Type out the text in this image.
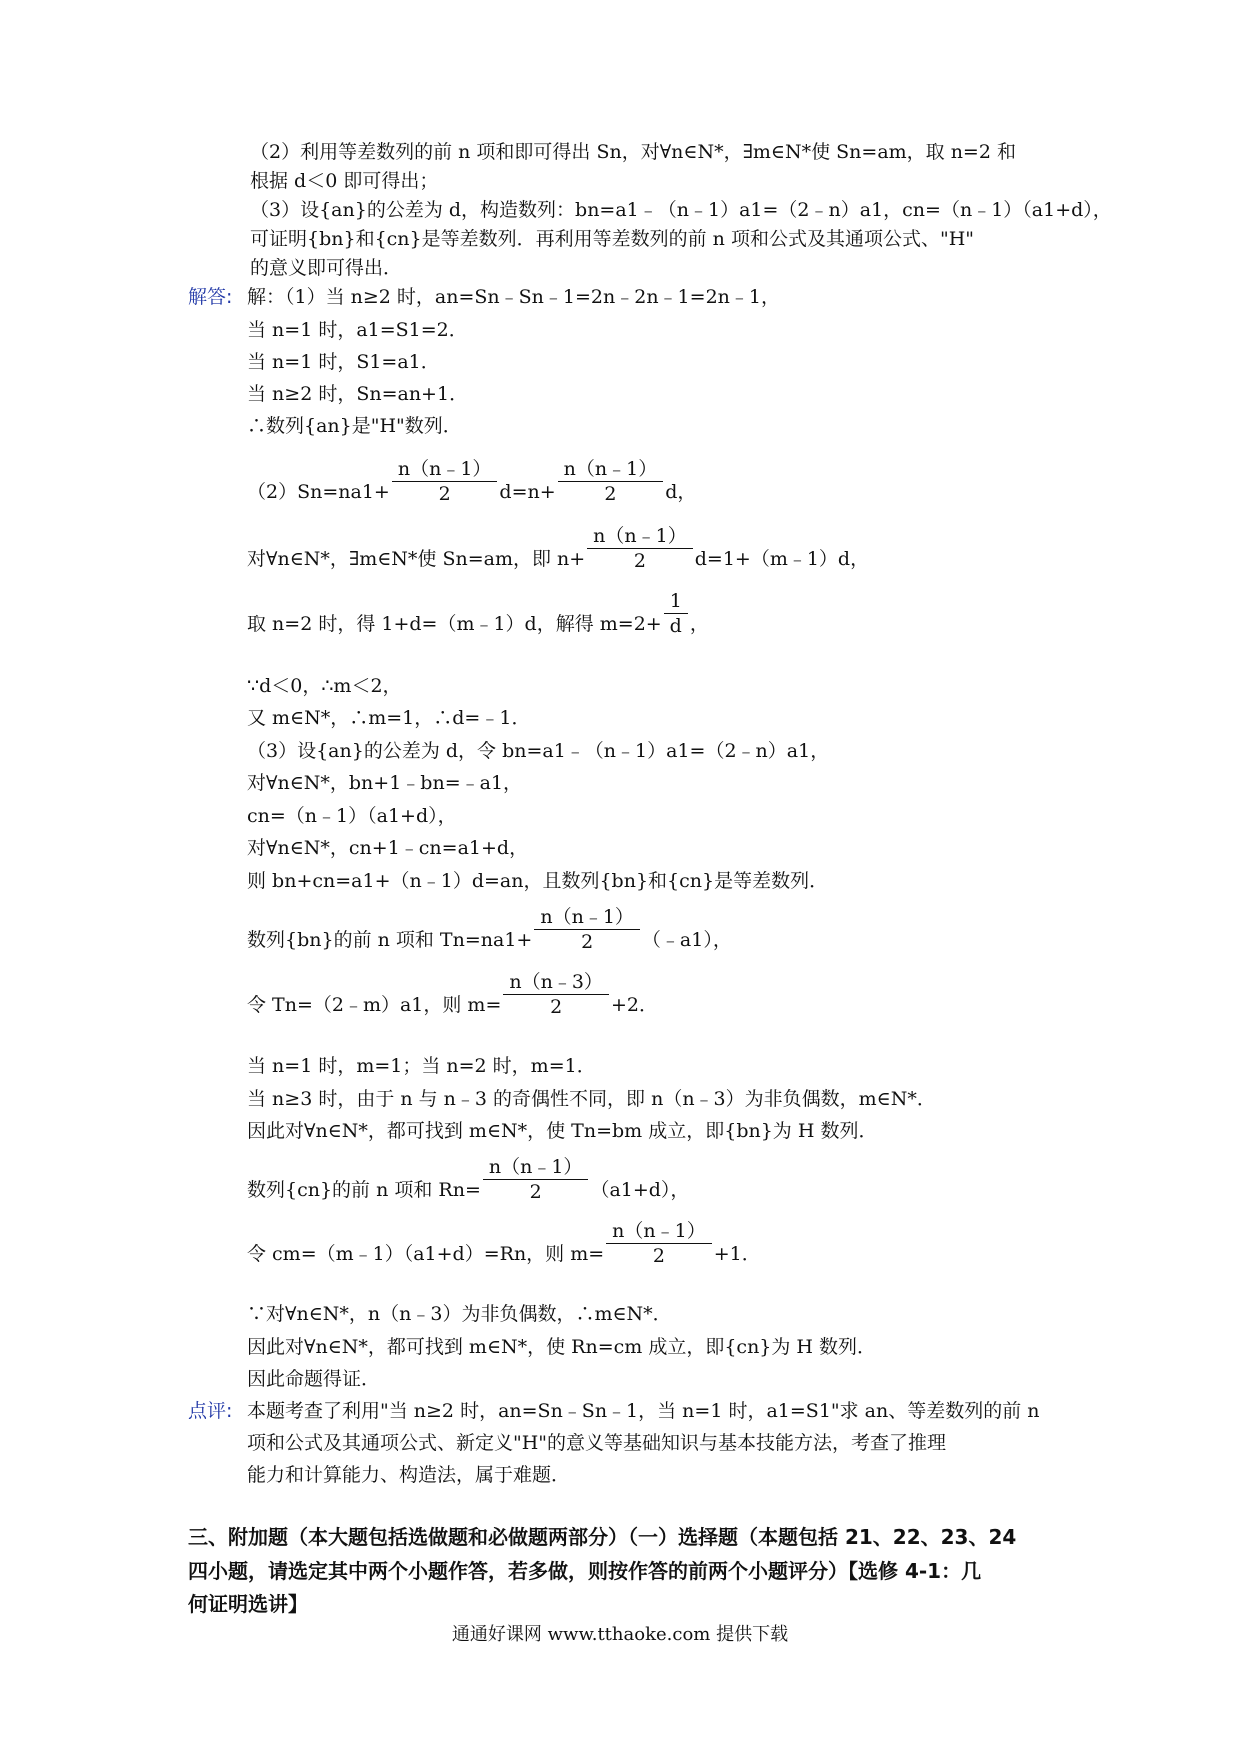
（2）利用等差数列的前 n 项和即可得出 Sn，对∀n∈N*，∃m∈N*使 Sn=am，取 n=2 和
根据 d＜0 即可得出；
（3）设{an}的公差为 d，构造数列：bn=a1﹣（n﹣1）a1=（2﹣n）a1，cn=（n﹣1）（a1+d），
可证明{bn}和{cn}是等差数列．再利用等差数列的前 n 项和公式及其通项公式、"H"
的意义即可得出．
解答: 解：（1）当 n≥2 时，an=Sn﹣Sn﹣1=2n﹣2n﹣1=2n﹣1，
当 n=1 时，a1=S1=2．
当 n=1 时，S1=a1．
当 n≥2 时，Sn=an+1．
∴数列{an}是"H"数列．
$(2)Sn=na1+ \frac{n(n﹣1)}{2} d=n+ \frac{n(n﹣1)}{2}$ d，
对∀n∈N*，∃m∈N*使 Sn=am，即 $n+ \frac{n(n﹣1)}{2}$ d=1+（m﹣1）d，
取 n=2 时，得 1+d=（m﹣1）d，解得 $m=2+ \frac{1}{d}$ ，
∵d＜0，∴m＜2，
又 m∈N*，∴m=1，∴d=﹣1．
（3）设{an}的公差为 d，令 bn=a1﹣（n﹣1）a1=（2﹣n）a1，
对∀n∈N*，bn+1﹣bn=﹣a1，
cn=（n﹣1）（a1+d），
对∀n∈N*，cn+1﹣cn=a1+d，
则 bn+cn=a1+（n﹣1）d=an，且数列{bn}和{cn}是等差数列．
数列{bn}的前 n 项和 $Tn=na1+ \frac{n(n﹣1)}{2}$ （﹣a1），
令 Tn=（2﹣m）a1，则 $m= \frac{n(n﹣3)}{2} +2$．
当 n=1 时，m=1；当 n=2 时，m=1．
当 n≥3 时，由于 n 与 n﹣3 的奇偶性不同，即 n（n﹣3）为非负偶数，m∈N*．
因此对∀n∈N*，都可找到 m∈N*，使 Tn=bm 成立，即{bn}为 H 数列．
数列{cn}的前 n 项和 $Rn= \frac{n(n﹣1)}{2} (a1+d)$，
令 cm=（m﹣1）（a1+d）=Rn，则 $m= \frac{n(n﹣1)}{2} +1$．
∵对∀n∈N*，n（n﹣3）为非负偶数，∴m∈N*．
因此对∀n∈N*，都可找到 m∈N*，使 Rn=cm 成立，即{cn}为 H 数列．
因此命题得证．
点评: 本题考查了利用"当 n≥2 时，an=Sn﹣Sn﹣1，当 n=1 时，a1=S1"求 an、等差数列的前 n
项和公式及其通项公式、新定义"H"的意义等基础知识与基本技能方法，考查了推理
能力和计算能力、构造法，属于难题．
三、附加题（本大题包括选做题和必做题两部分）（一）选择题（本题包括 21、22、23、24
四小题，请选定其中两个小题作答，若多做，则按作答的前两个小题评分）【选修 4-1：几
何证明选讲】
通通好课网 www.tthaoke.com 提供下载
